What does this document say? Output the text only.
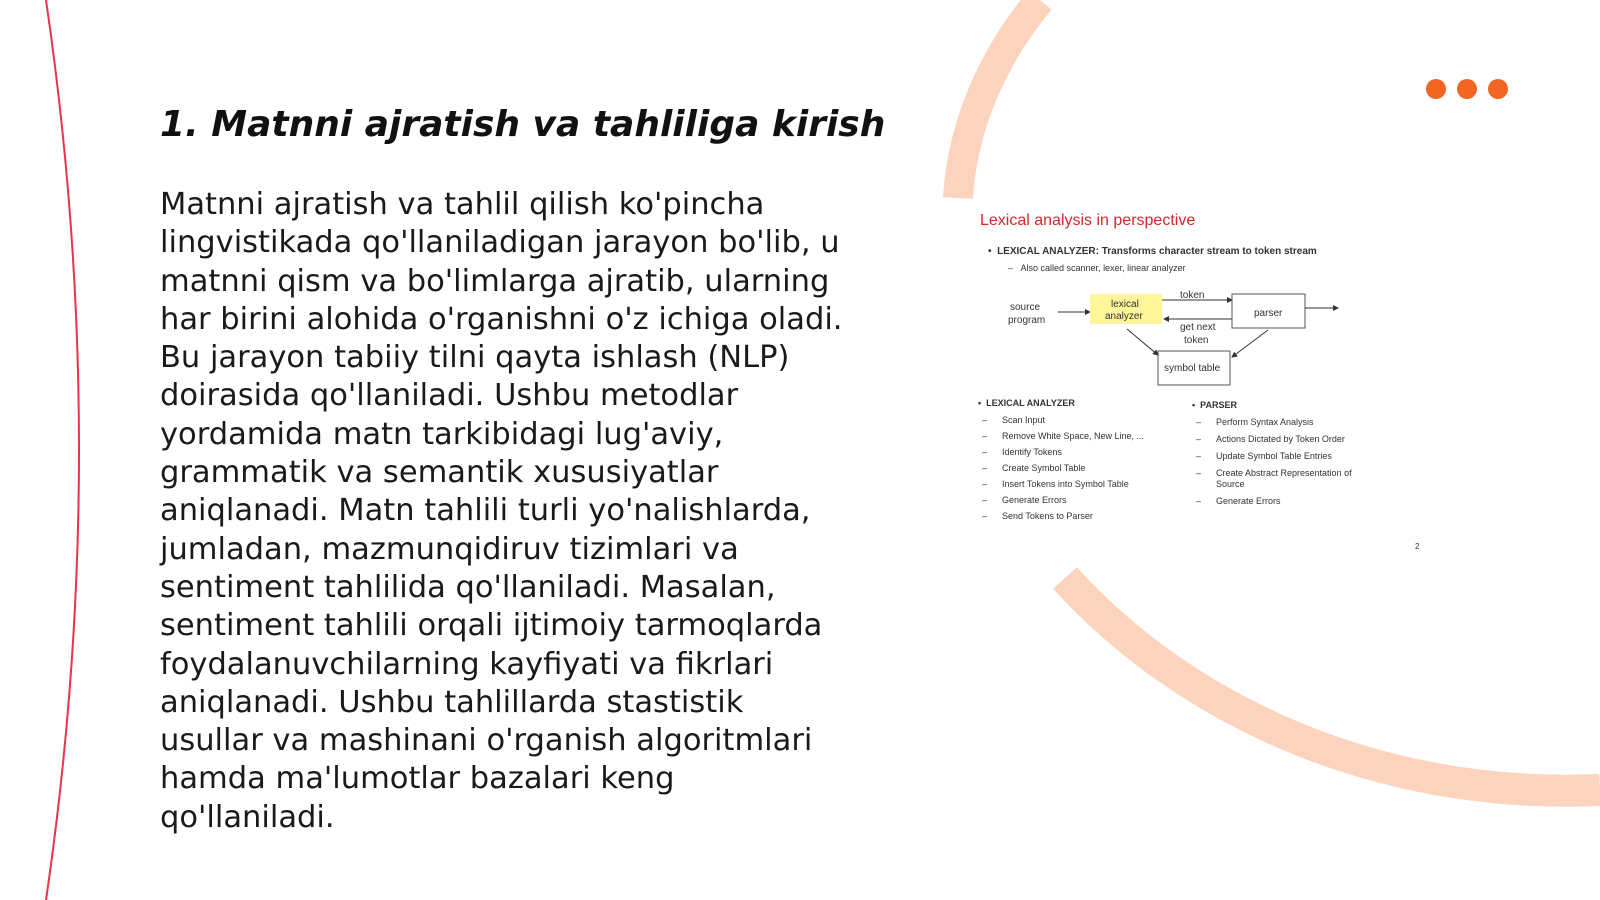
1. Matnni ajratish va tahliliga kirish

Matnni ajratish va tahlil qilish ko'pincha lingvistikada qo'llaniladigan jarayon bo'lib, u matnni qism va bo'limlarga ajratib, ularning har birini alohida o'rganishni o'z ichiga oladi. Bu jarayon tabiiy tilni qayta ishlash (NLP) doirasida qo'llaniladi. Ushbu metodlar yordamida matn tarkibidagi lug'aviy, grammatik va semantik xususiyatlar aniqlanadi. Matn tahlili turli yo'nalishlarda, jumladan, mazmunqidiruv tizimlari va sentiment tahlilida qo'llaniladi. Masalan, sentiment tahlili orqali ijtimoiy tarmoqlarda foydalanuvchilarning kayfiyati va fikrlari aniqlanadi. Ushbu tahlillarda stastistik usullar va mashinani o'rganish algoritmlari hamda ma'lumotlar bazalari keng qo'llaniladi.

Lexical analysis in perspective
•  LEXICAL ANALYZER: Transforms character stream to token stream
–   Also called scanner, lexer, linear analyzer
source
program
lexical
analyzer
token
get next
token
parser
symbol table
•  LEXICAL ANALYZER
– Scan Input
– Remove White Space, New Line, ...
– Identify Tokens
– Create Symbol Table
– Insert Tokens into Symbol Table
– Generate Errors
– Send Tokens to Parser
•  PARSER
– Perform Syntax Analysis
– Actions Dictated by Token Order
– Update Symbol Table Entries
– Create Abstract Representation of Source
– Generate Errors
2
